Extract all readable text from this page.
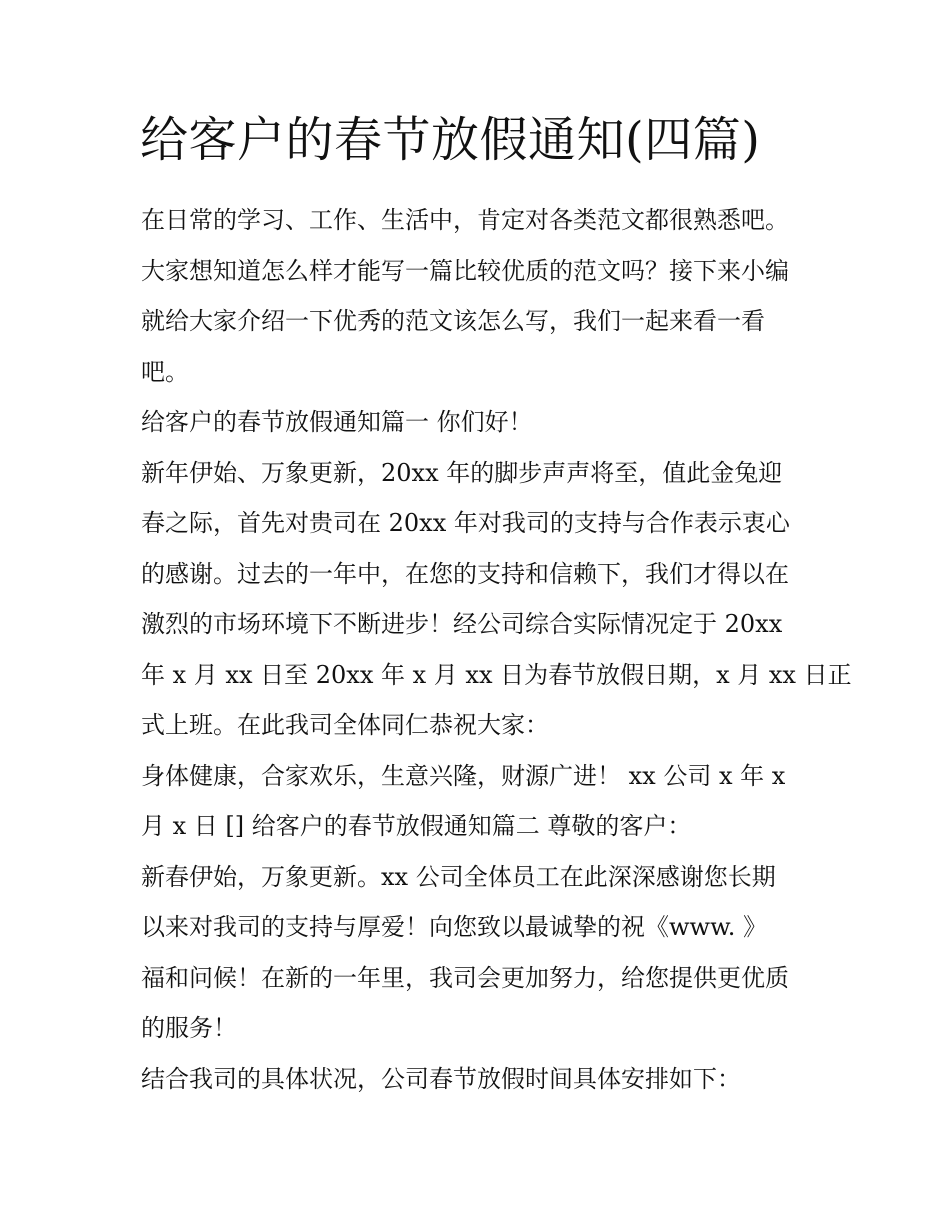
给客户的春节放假通知(四篇)

在日常的学习、工作、生活中，肯定对各类范文都很熟悉吧。

大家想知道怎么样才能写一篇比较优质的范文吗？接下来小编

就给大家介绍一下优秀的范文该怎么写，我们一起来看一看

吧。

给客户的春节放假通知篇一 你们好！

新年伊始、万象更新，20xx 年的脚步声声将至，值此金兔迎

春之际，首先对贵司在 20xx 年对我司的支持与合作表示衷心

的感谢。过去的一年中，在您的支持和信赖下，我们才得以在

激烈的市场环境下不断进步！经公司综合实际情况定于 20xx

年 x 月 xx 日至 20xx 年 x 月 xx 日为春节放假日期，x 月 xx 日正

式上班。在此我司全体同仁恭祝大家：

身体健康，合家欢乐，生意兴隆，财源广进！ xx 公司 x 年 x

月 x 日 [] 给客户的春节放假通知篇二 尊敬的客户：

新春伊始，万象更新。xx 公司全体员工在此深深感谢您长期

以来对我司的支持与厚爱！向您致以最诚挚的祝《www. 》

福和问候！在新的一年里，我司会更加努力，给您提供更优质

的服务！

结合我司的具体状况，公司春节放假时间具体安排如下：
